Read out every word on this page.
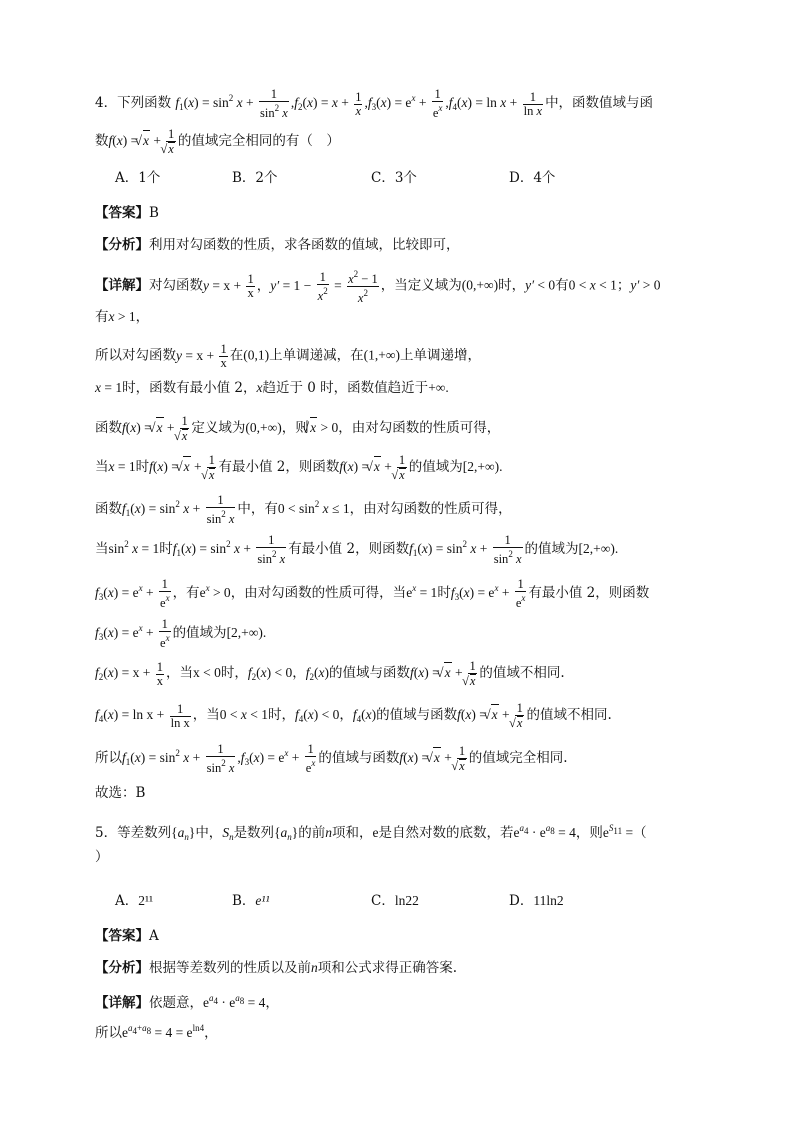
4．下列函数 $f_1(x) = \sin^2 x + \frac{1}{\sin^2 x} ,f_2(x) = x + \frac{1}{x} ,f_3(x) = e^x + \frac{1}{e^x} ,f_4(x) = \ln x + \frac{1}{\text{ln x}}$ 中，函数值域与函
数f(x) = √ x + 1
√ x 的值域完全相同的有（　）
A．1个	B．2个	C．3个	D．4个
【答案】B
【分析】利用对勾函数的性质，求各函数的值域，比较即可，
【详解】对勾函数$y = x + \frac{1}{x}$ ，$y' = 1 - \frac{1}{x^2} = \frac{x^2 - 1}{x^2}$ ，当定义域为(0,+∞)时，y′ < 0有0 < x < 1；y′ > 0
有x > 1，
所以对勾函数$y = x + \frac{1}{x}$ 在(0,1)上单调递减，在(1,+∞)上单调递增，
x = 1时，函数有最小值 2，x趋近于 0 时，函数值趋近于+∞.
函数f(x) = √ x + 1
√ x 定义域为(0,+∞)，则√ x > 0，由对勾函数的性质可得，
当x = 1时f(x) = √ x + 1
√ x 有最小值 2，则函数f(x) = √ x + 1
√ x 的值域为[2,+∞).
函数$f_1(x) = \sin^2 x + \frac{1}{\sin^2 x}$ 中，有$0 < \sin^2 x \le 1$，由对勾函数的性质可得，
当$\sin^2 x = 1$时$f_1(x) = \sin^2 x + \frac{1}{\sin^2 x}$ 有最小值 2，则函数$f_1(x) = \sin^2 x + \frac{1}{\sin^2 x}$ 的值域为[2,+∞).
$f_3(x) = e^x + \frac{1}{e^x}$ ，有$e^x > 0$，由对勾函数的性质可得，当$e^x = 1$时$f_3(x) = e^x + \frac{1}{e^x}$ 有最小值 2，则函数
$f_3(x) = e^x + \frac{1}{e^x}$ 的值域为[2,+∞).
$f_2(x) = x + \frac{1}{x}$ ，当x < 0时，$f_2(x) < 0$，$f_2(x)$的值域与函数f(x) = √ x + 1
√ x 的值域不相同.
$f_4(x) = \ln x + \frac{1}{\text{ln x}}$ ，当0 < x < 1时，$f_4(x) < 0$，$f_4(x)$的值域与函数f(x) = √ x + 1
√ x 的值域不相同.
所以$f_1(x) = \sin^2 x + \frac{1}{\sin^2 x} ,f_3(x) = e^x + \frac{1}{e^x}$ 的值域与函数f(x) = √ x + 1
√ x 的值域完全相同.
故选：B
5．等差数列$\{a_n\}$中，$S_n$是数列$\{a_n\}$的前n项和，e是自然对数的底数，若$e^{a_4} \cdot e^{a_8} = 4$，则$e^{S_{11}}$ =（
）
A．2¹¹	B．e¹¹	C．ln22	D．11ln2
【答案】A
【分析】根据等差数列的性质以及前n项和公式求得正确答案.
【详解】依题意，$e^{a_4} \cdot e^{a_8} = 4$，
所以$e^{a_4+a_8} = 4 = e^{ln4}$，
